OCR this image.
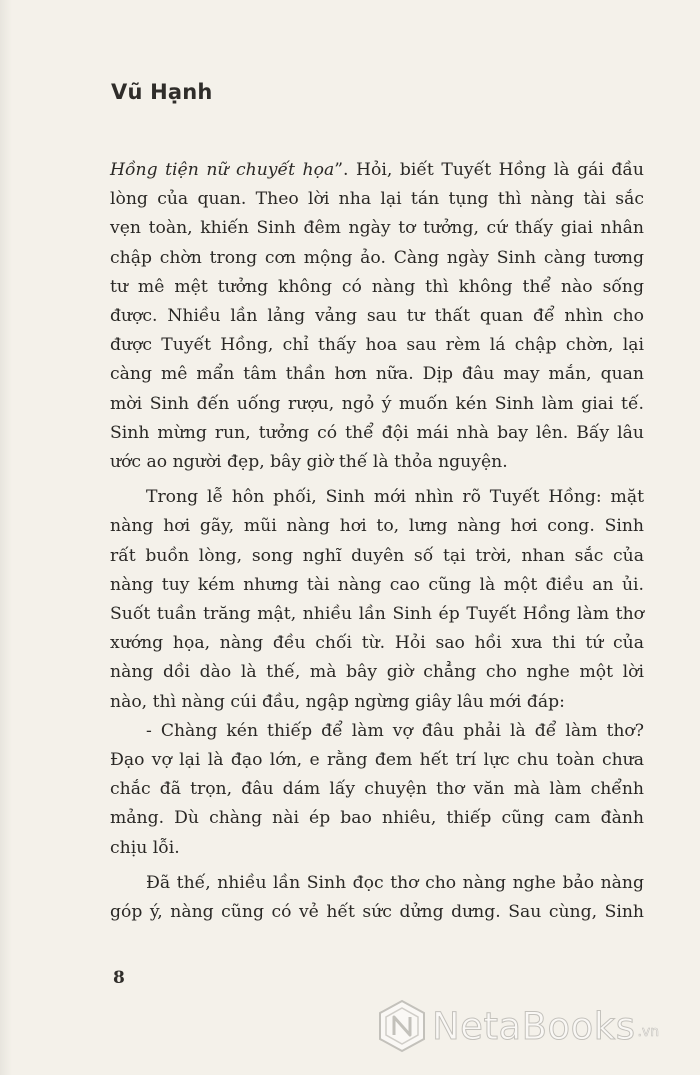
Vũ Hạnh

Hồng tiện nữ chuyết họa”. Hỏi, biết Tuyết Hồng là gái đầu
lòng của quan. Theo lời nha lại tán tụng thì nàng tài sắc
vẹn toàn, khiến Sinh đêm ngày tơ tưởng, cứ thấy giai nhân
chập chờn trong cơn mộng ảo. Càng ngày Sinh càng tương
tư mê mệt tưởng không có nàng thì không thể nào sống
được. Nhiều lần lảng vảng sau tư thất quan để nhìn cho
được Tuyết Hồng, chỉ thấy hoa sau rèm lá chập chờn, lại
càng mê mẩn tâm thần hơn nữa. Dịp đâu may mắn, quan
mời Sinh đến uống rượu, ngỏ ý muốn kén Sinh làm giai tế.
Sinh mừng run, tưởng có thể đội mái nhà bay lên. Bấy lâu
ước ao người đẹp, bây giờ thế là thỏa nguyện.

Trong lễ hôn phối, Sinh mới nhìn rõ Tuyết Hồng: mặt
nàng hơi gãy, mũi nàng hơi to, lưng nàng hơi cong. Sinh
rất buồn lòng, song nghĩ duyên số tại trời, nhan sắc của
nàng tuy kém nhưng tài nàng cao cũng là một điều an ủi.
Suốt tuần trăng mật, nhiều lần Sinh ép Tuyết Hồng làm thơ
xướng họa, nàng đều chối từ. Hỏi sao hồi xưa thi tứ của
nàng dồi dào là thế, mà bây giờ chẳng cho nghe một lời
nào, thì nàng cúi đầu, ngập ngừng giây lâu mới đáp:

- Chàng kén thiếp để làm vợ đâu phải là để làm thơ?
Đạo vợ lại là đạo lớn, e rằng đem hết trí lực chu toàn chưa
chắc đã trọn, đâu dám lấy chuyện thơ văn mà làm chểnh
mảng. Dù chàng nài ép bao nhiêu, thiếp cũng cam đành
chịu lỗi.

Đã thế, nhiều lần Sinh đọc thơ cho nàng nghe bảo nàng
góp ý, nàng cũng có vẻ hết sức dửng dưng. Sau cùng, Sinh

8
NetaBooks .vn
